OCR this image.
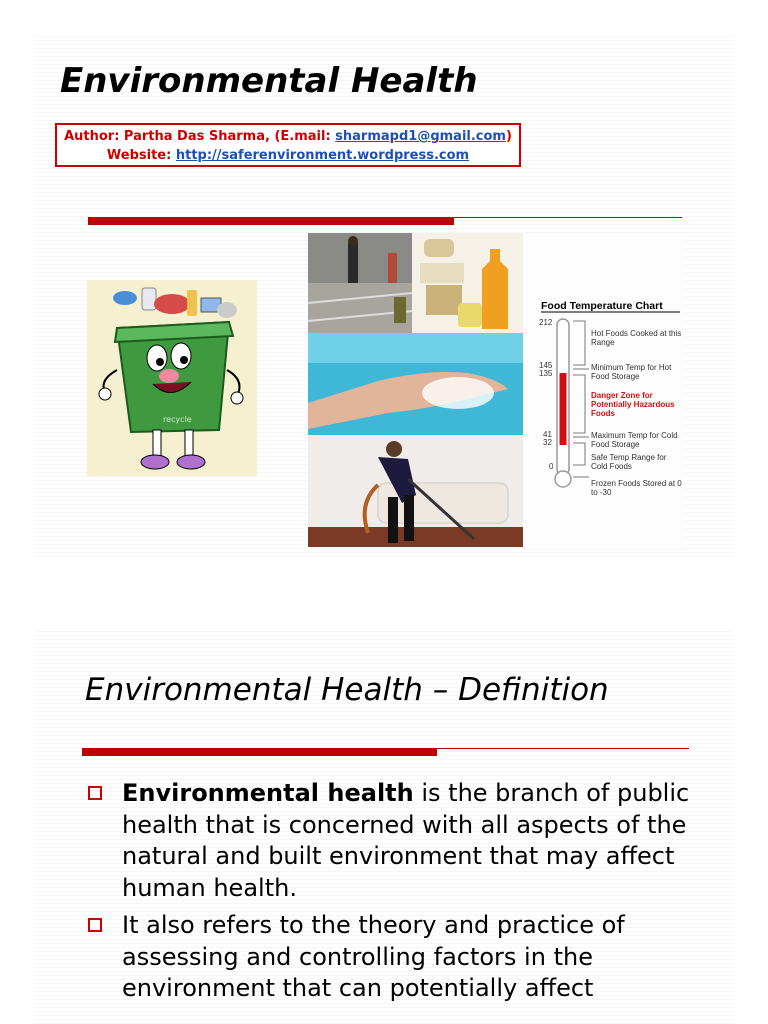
Environmental Health
Author: Partha Das Sharma, (E.mail: sharmapd1@gmail.com)
Website: http://saferenvironment.wordpress.com
recycle
Food Temperature Chart
212
145
135
41
32
0
Hot Foods Cooked at this Range
Minimum Temp for Hot Food Storage
Danger Zone for Potentially Hazardous Foods
Maximum Temp for Cold Food Storage
Safe Temp Range for Cold Foods
Frozen Foods Stored at 0 to -30
Environmental Health – Definition
Environmental health is the branch of public health that is concerned with all aspects of the natural and built environment that may affect human health.
It also refers to the theory and practice of assessing and controlling factors in the environment that can potentially affect
